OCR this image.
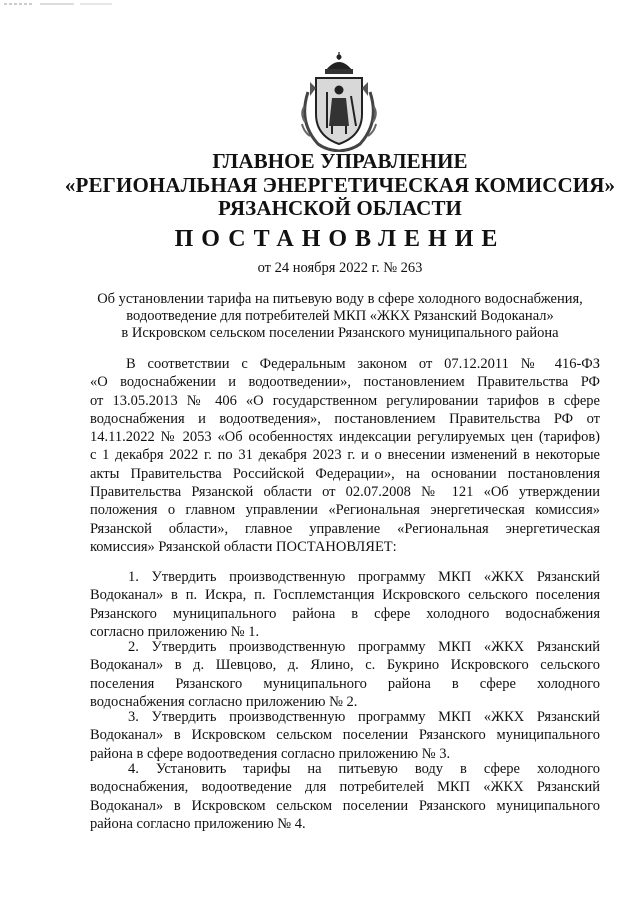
ГЛАВНОЕ УПРАВЛЕНИЕ
«РЕГИОНАЛЬНАЯ ЭНЕРГЕТИЧЕСКАЯ КОМИССИЯ»
РЯЗАНСКОЙ ОБЛАСТИ
ПОСТАНОВЛЕНИЕ
от 24 ноября 2022 г. № 263
Об установлении тарифа на питьевую воду в сфере холодного водоснабжения,
водоотведение для потребителей МКП «ЖКХ Рязанский Водоканал»
в Искровском сельском поселении Рязанского муниципального района
В соответствии с Федеральным законом от 07.12.2011 № 416-ФЗ
«О водоснабжении и водоотведении», постановлением Правительства РФ
от 13.05.2013 № 406 «О государственном регулировании тарифов в сфере
водоснабжения и водоотведения», постановлением Правительства РФ от
14.11.2022 № 2053 «Об особенностях индексации регулируемых цен (тарифов)
с 1 декабря 2022 г. по 31 декабря 2023 г. и о внесении изменений в некоторые
акты Правительства Российской Федерации», на основании постановления
Правительства Рязанской области от 02.07.2008 № 121 «Об утверждении
положения о главном управлении «Региональная энергетическая комиссия»
Рязанской области», главное управление «Региональная энергетическая
комиссия» Рязанской области ПОСТАНОВЛЯЕТ:
1. Утвердить производственную программу МКП «ЖКХ Рязанский
Водоканал» в п. Искра, п. Госплемстанция Искровского сельского поселения
Рязанского муниципального района в сфере холодного водоснабжения
согласно приложению № 1.
2. Утвердить производственную программу МКП «ЖКХ Рязанский
Водоканал» в д. Шевцово, д. Ялино, с. Букрино Искровского сельского
поселения Рязанского муниципального района в сфере холодного
водоснабжения согласно приложению № 2.
3. Утвердить производственную программу МКП «ЖКХ Рязанский
Водоканал» в Искровском сельском поселении Рязанского муниципального
района в сфере водоотведения согласно приложению № 3.
4. Установить тарифы на питьевую воду в сфере холодного
водоснабжения, водоотведение для потребителей МКП «ЖКХ Рязанский
Водоканал» в Искровском сельском поселении Рязанского муниципального
района согласно приложению № 4.
